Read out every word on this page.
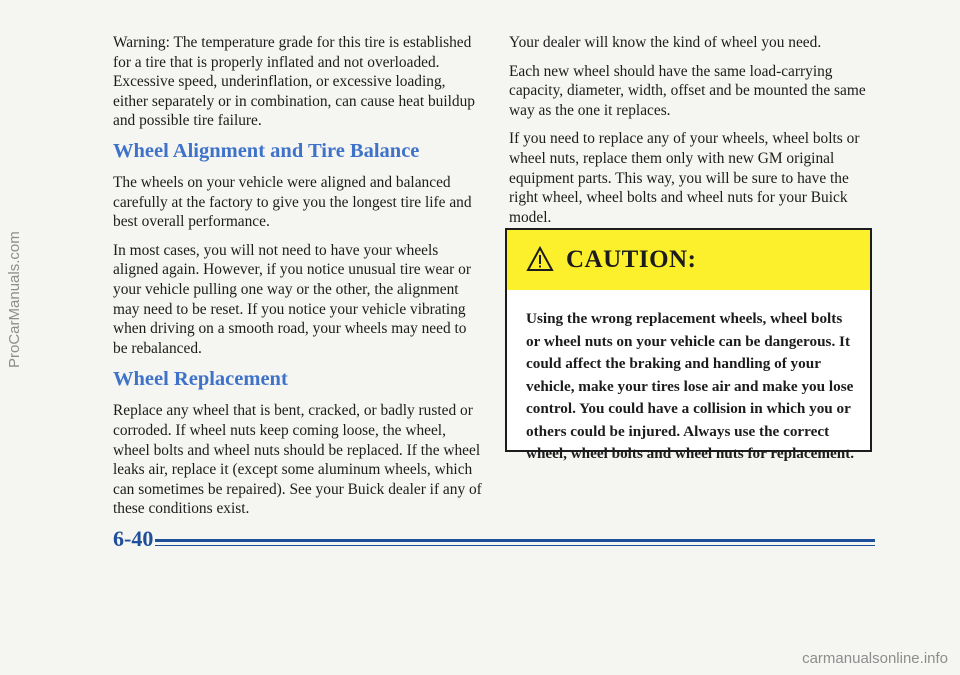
Warning: The temperature grade for this tire is established for a tire that is properly inflated and not overloaded. Excessive speed, underinflation, or excessive loading, either separately or in combination, can cause heat buildup and possible tire failure.

Wheel Alignment and Tire Balance

The wheels on your vehicle were aligned and balanced carefully at the factory to give you the longest tire life and best overall performance.

In most cases, you will not need to have your wheels aligned again. However, if you notice unusual tire wear or your vehicle pulling one way or the other, the alignment may need to be reset. If you notice your vehicle vibrating when driving on a smooth road, your wheels may need to be rebalanced.

Wheel Replacement

Replace any wheel that is bent, cracked, or badly rusted or corroded. If wheel nuts keep coming loose, the wheel, wheel bolts and wheel nuts should be replaced. If the wheel leaks air, replace it (except some aluminum wheels, which can sometimes be repaired). See your Buick dealer if any of these conditions exist.

Your dealer will know the kind of wheel you need.

Each new wheel should have the same load-carrying capacity, diameter, width, offset and be mounted the same way as the one it replaces.

If you need to replace any of your wheels, wheel bolts or wheel nuts, replace them only with new GM original equipment parts. This way, you will be sure to have the right wheel, wheel bolts and wheel nuts for your Buick model.

CAUTION:
Using the wrong replacement wheels, wheel bolts or wheel nuts on your vehicle can be dangerous. It could affect the braking and handling of your vehicle, make your tires lose air and make you lose control. You could have a collision in which you or others could be injured. Always use the correct wheel, wheel bolts and wheel nuts for replacement.
6-40
ProCarManuals.com
carmanualsonline.info
